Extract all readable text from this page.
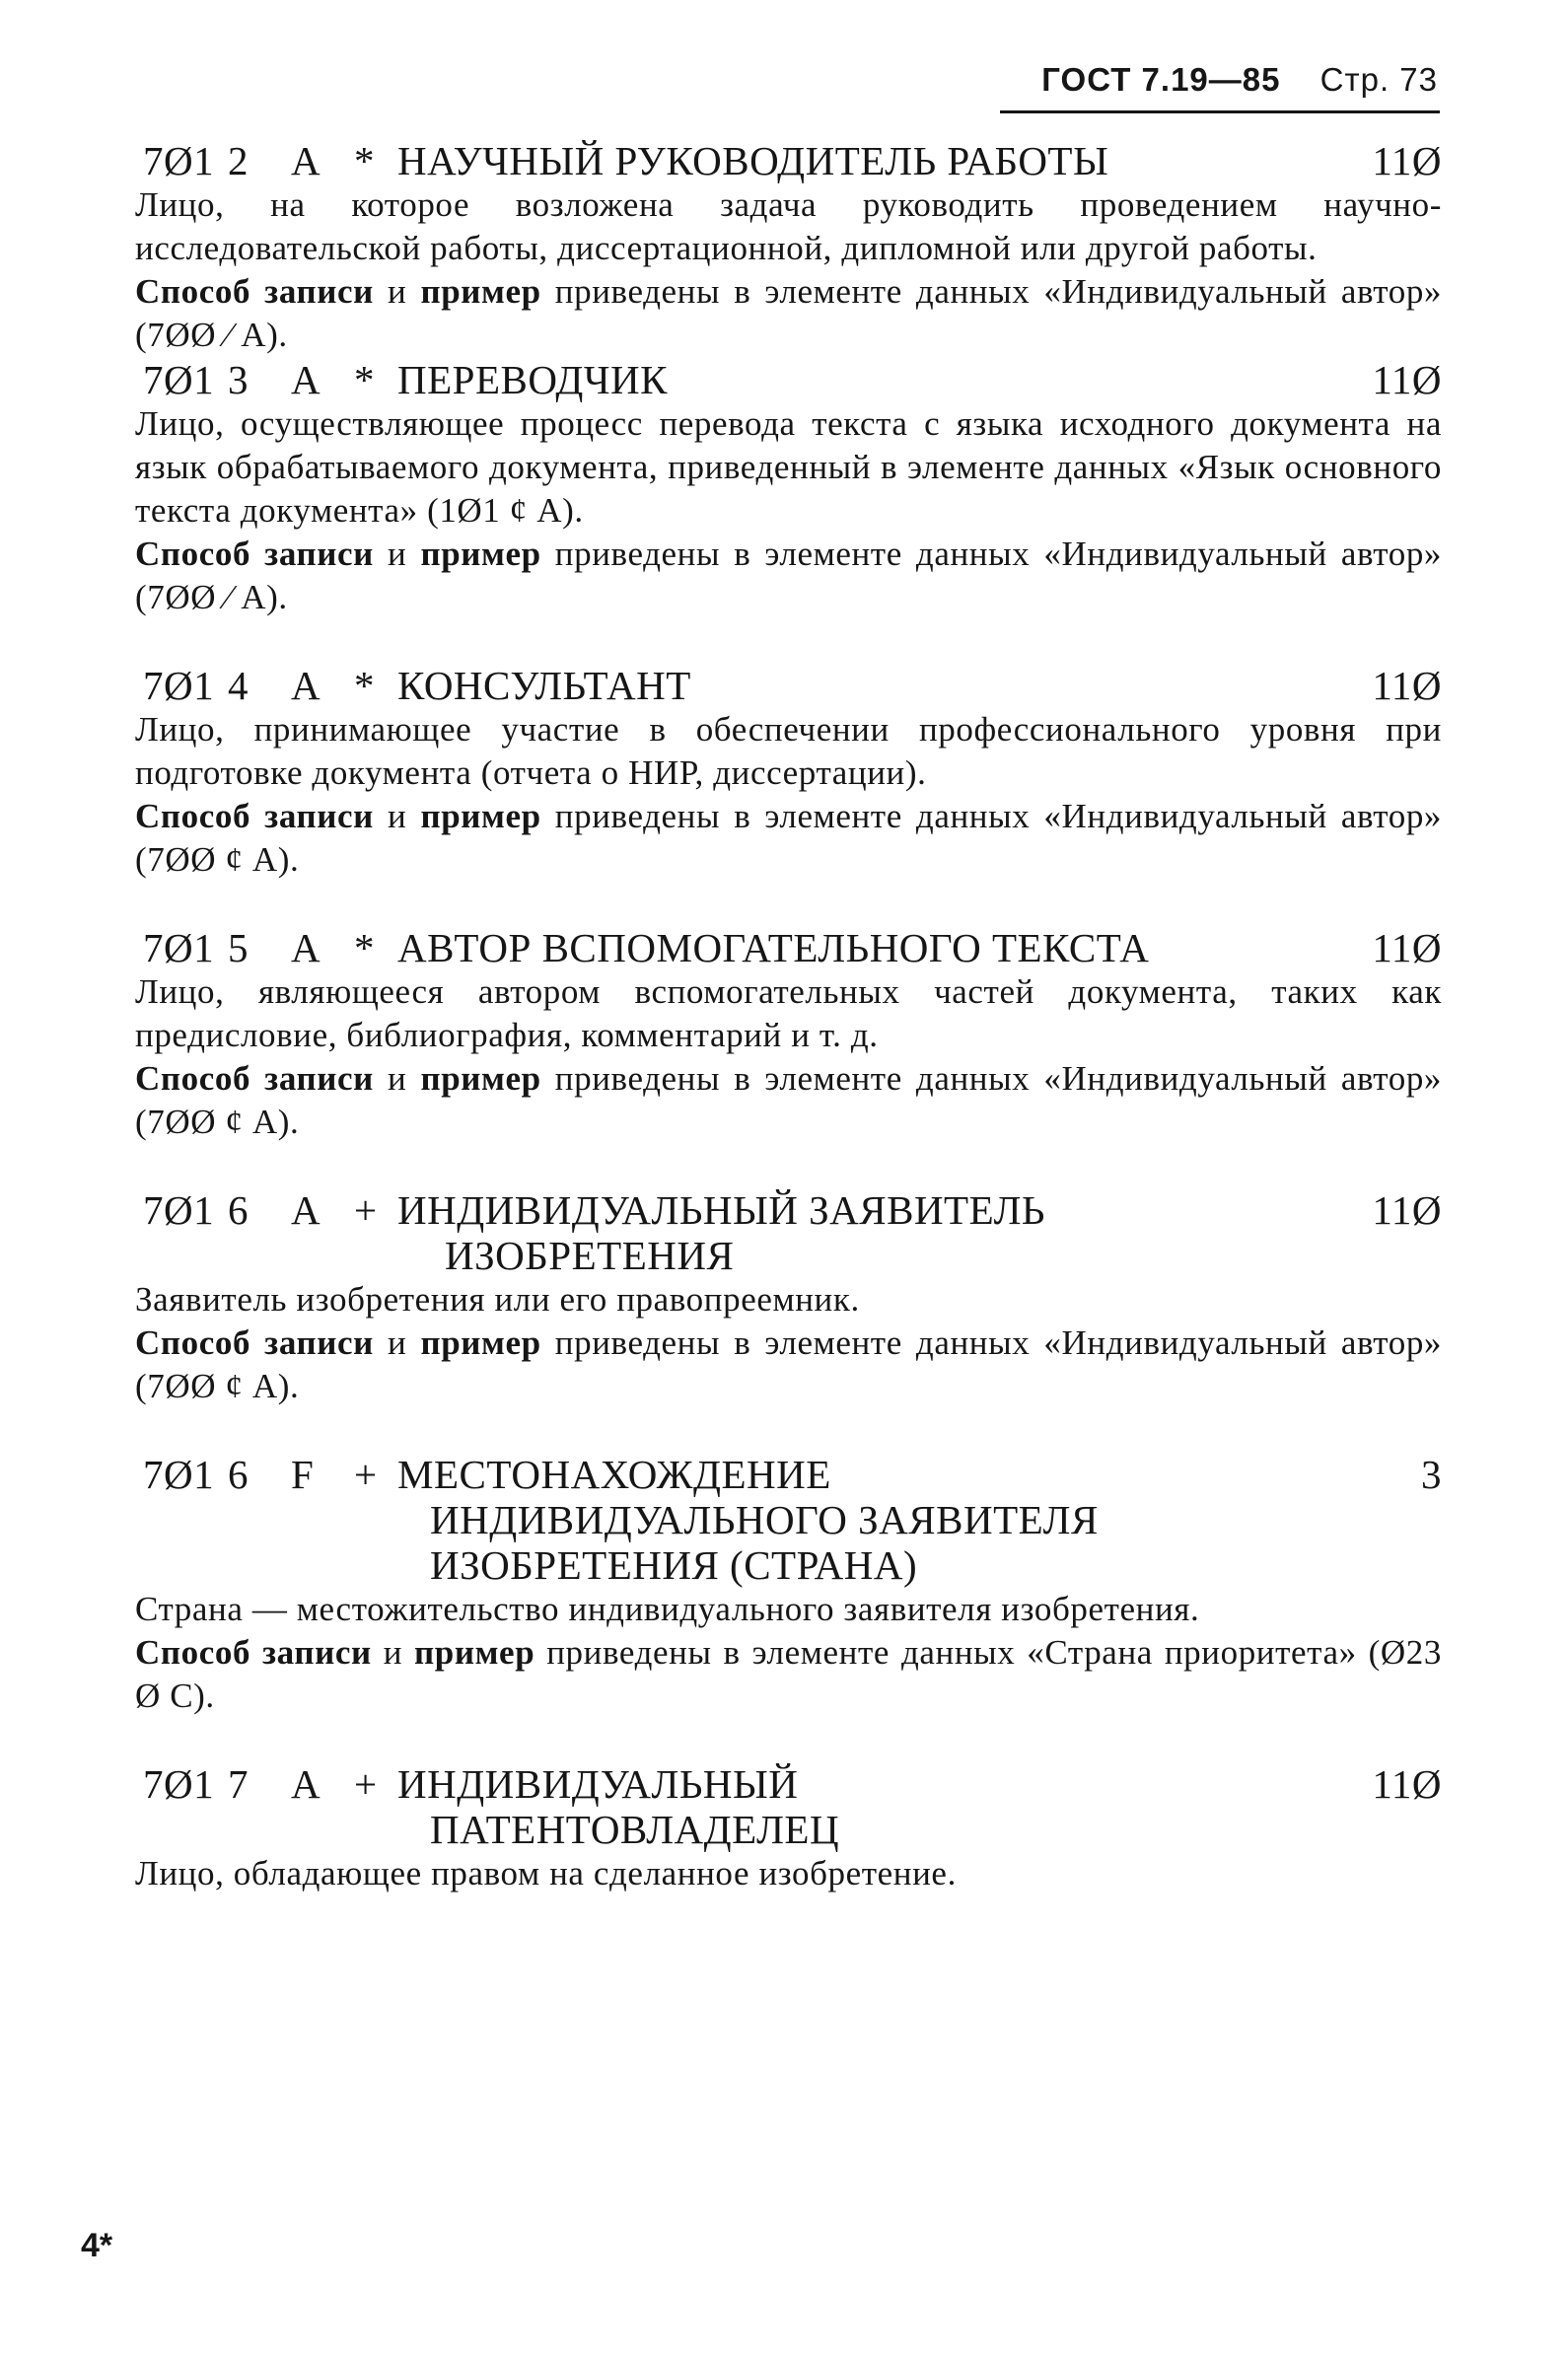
ГОСТ 7.19—85 Стр. 73
7Ø1 2 А * НАУЧНЫЙ РУКОВОДИТЕЛЬ РАБОТЫ	11Ø

Лицо, на которое возложена задача руководить проведением научно-исследовательской работы, диссертационной, дипломной или другой работы.

Способ записи и пример приведены в элементе данных «Индивидуальный автор» (7ØØ ⁄ А).

7Ø1 3 А * ПЕРЕВОДЧИК	11Ø

Лицо, осуществляющее процесс перевода текста с языка исходного документа на язык обрабатываемого документа, приведенный в элементе данных «Язык основного текста документа» (1Ø1 ¢ А).

Способ записи и пример приведены в элементе данных «Индивидуальный автор» (7ØØ ⁄ А).

7Ø1 4 А * КОНСУЛЬТАНТ	11Ø

Лицо, принимающее участие в обеспечении профессионального уровня при подготовке документа (отчета о НИР, диссертации).

Способ записи и пример приведены в элементе данных «Индивидуальный автор» (7ØØ ¢ А).

7Ø1 5 А * АВТОР ВСПОМОГАТЕЛЬНОГО ТЕКСТА	11Ø

Лицо, являющееся автором вспомогательных частей документа, таких как предисловие, библиография, комментарий и т. д.

Способ записи и пример приведены в элементе данных «Индивидуальный автор» (7ØØ ¢ А).

7Ø1 6 А + ИНДИВИДУАЛЬНЫЙ ЗАЯВИТЕЛЬ	11Ø
ИЗОБРЕТЕНИЯ

Заявитель изобретения или его правопреемник.

Способ записи и пример приведены в элементе данных «Индивидуальный автор» (7ØØ ¢ А).

7Ø1 6 F + МЕСТОНАХОЖДЕНИЕ	3
ИНДИВИДУАЛЬНОГО ЗАЯВИТЕЛЯ
ИЗОБРЕТЕНИЯ (СТРАНА)

Страна — местожительство индивидуального заявителя изобретения.

Способ записи и пример приведены в элементе данных «Страна приоритета» (Ø23 Ø С).

7Ø1 7 А + ИНДИВИДУАЛЬНЫЙ	11Ø
ПАТЕНТОВЛАДЕЛЕЦ

Лицо, обладающее правом на сделанное изобретение.

4*
